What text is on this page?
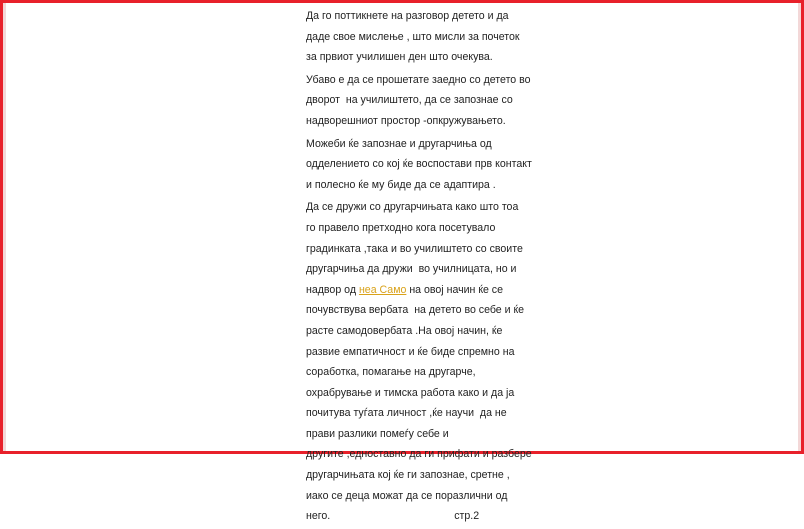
Да го поттикнете на разговор детето и да
даде свое мислење , што мисли за почеток
за првиот училишен ден што очекува.
Убаво е да се прошетате заедно со детето во
дворот  на училиштето, да се запознае со
надворешниот простор -опкружувањето.
Можеби ќе запознае и другарчиња од
одделението со кој ќе воспостави прв контакт
и полесно ќе му биде да се адаптира .
Да се дружи со другарчињата како што тоа
го правело претходно кога посетувало
градинката ,така и во училиштето со своите
другарчиња да дружи  во училницата, но и
надвор од нea Само на овој начин ќе се
почувствува вербата  на детето во себе и ќе
расте самодовербата .На овој начин, ќе
развие емпатичност и ќе биде спремно на
соработка, помагање на другарче,
охрабрување и тимска работа како и да ја
почитува туѓата личност ,ќе научи  да не
прави разлики помеѓу себе и
другите ,едноставно да ги прифати и разбере
другарчињата кој ќе ги запознае, сретне ,
иако се деца можат да се поразлични од
него.	стр.2
